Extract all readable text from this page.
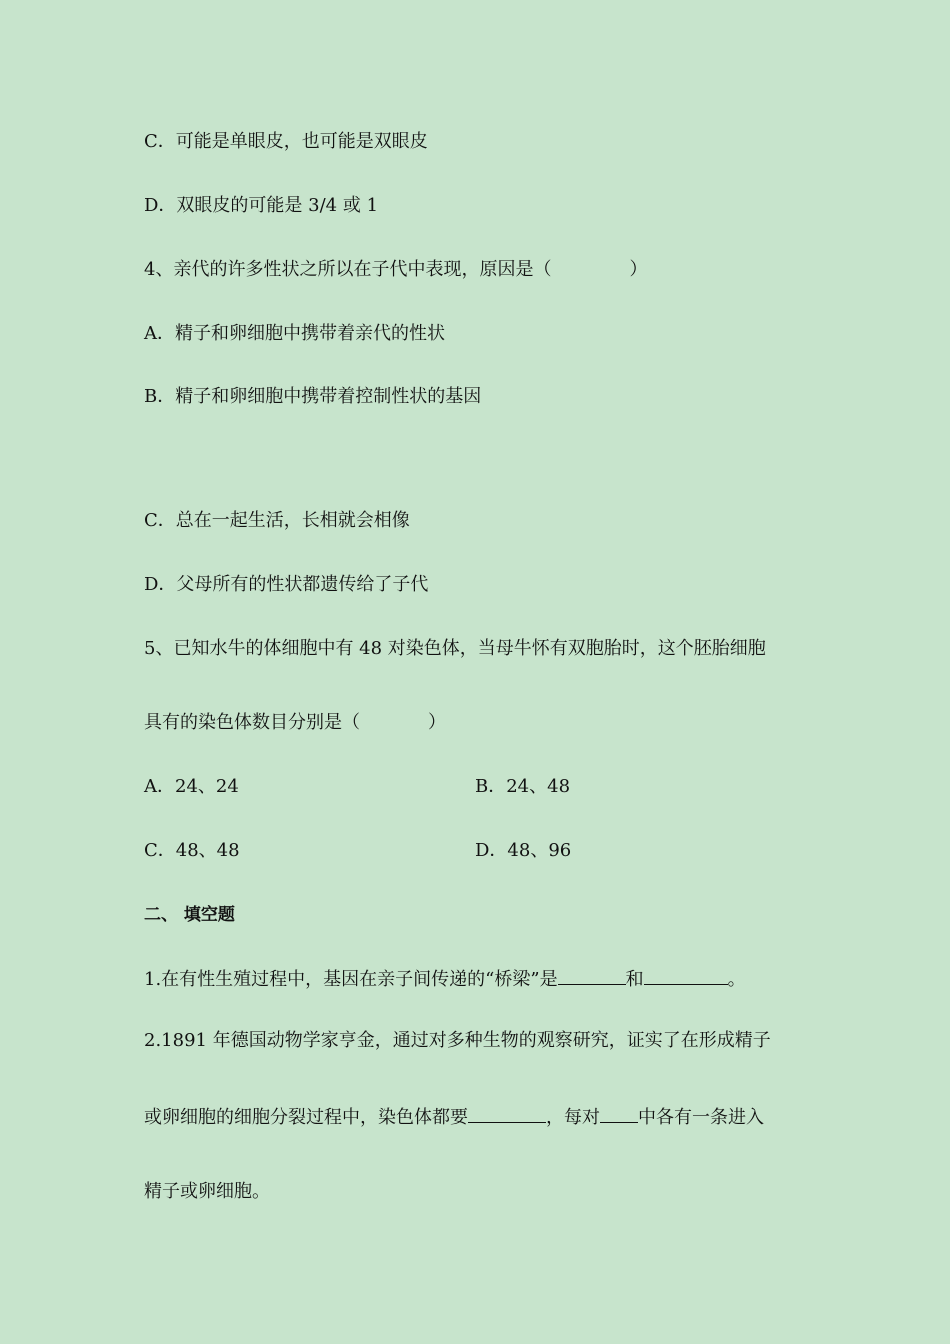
C．可能是单眼皮，也可能是双眼皮
D．双眼皮的可能是 3/4 或 1
4、亲代的许多性状之所以在子代中表现，原因是（	）
A．精子和卵细胞中携带着亲代的性状
B．精子和卵细胞中携带着控制性状的基因
C．总在一起生活，长相就会相像
D．父母所有的性状都遗传给了子代
5、已知水牛的体细胞中有 48 对染色体，当母牛怀有双胞胎时，这个胚胎细胞
具有的染色体数目分别是（	）
A．24、24	B．24、48
C．48、48	D．48、96
二、 填空题
1.在有性生殖过程中，基因在亲子间传递的“桥梁”是	和	。
2.1891 年德国动物学家亨金，通过对多种生物的观察研究，证实了在形成精子
或卵细胞的细胞分裂过程中，染色体都要	，每对 中各有一条进入
精子或卵细胞。
